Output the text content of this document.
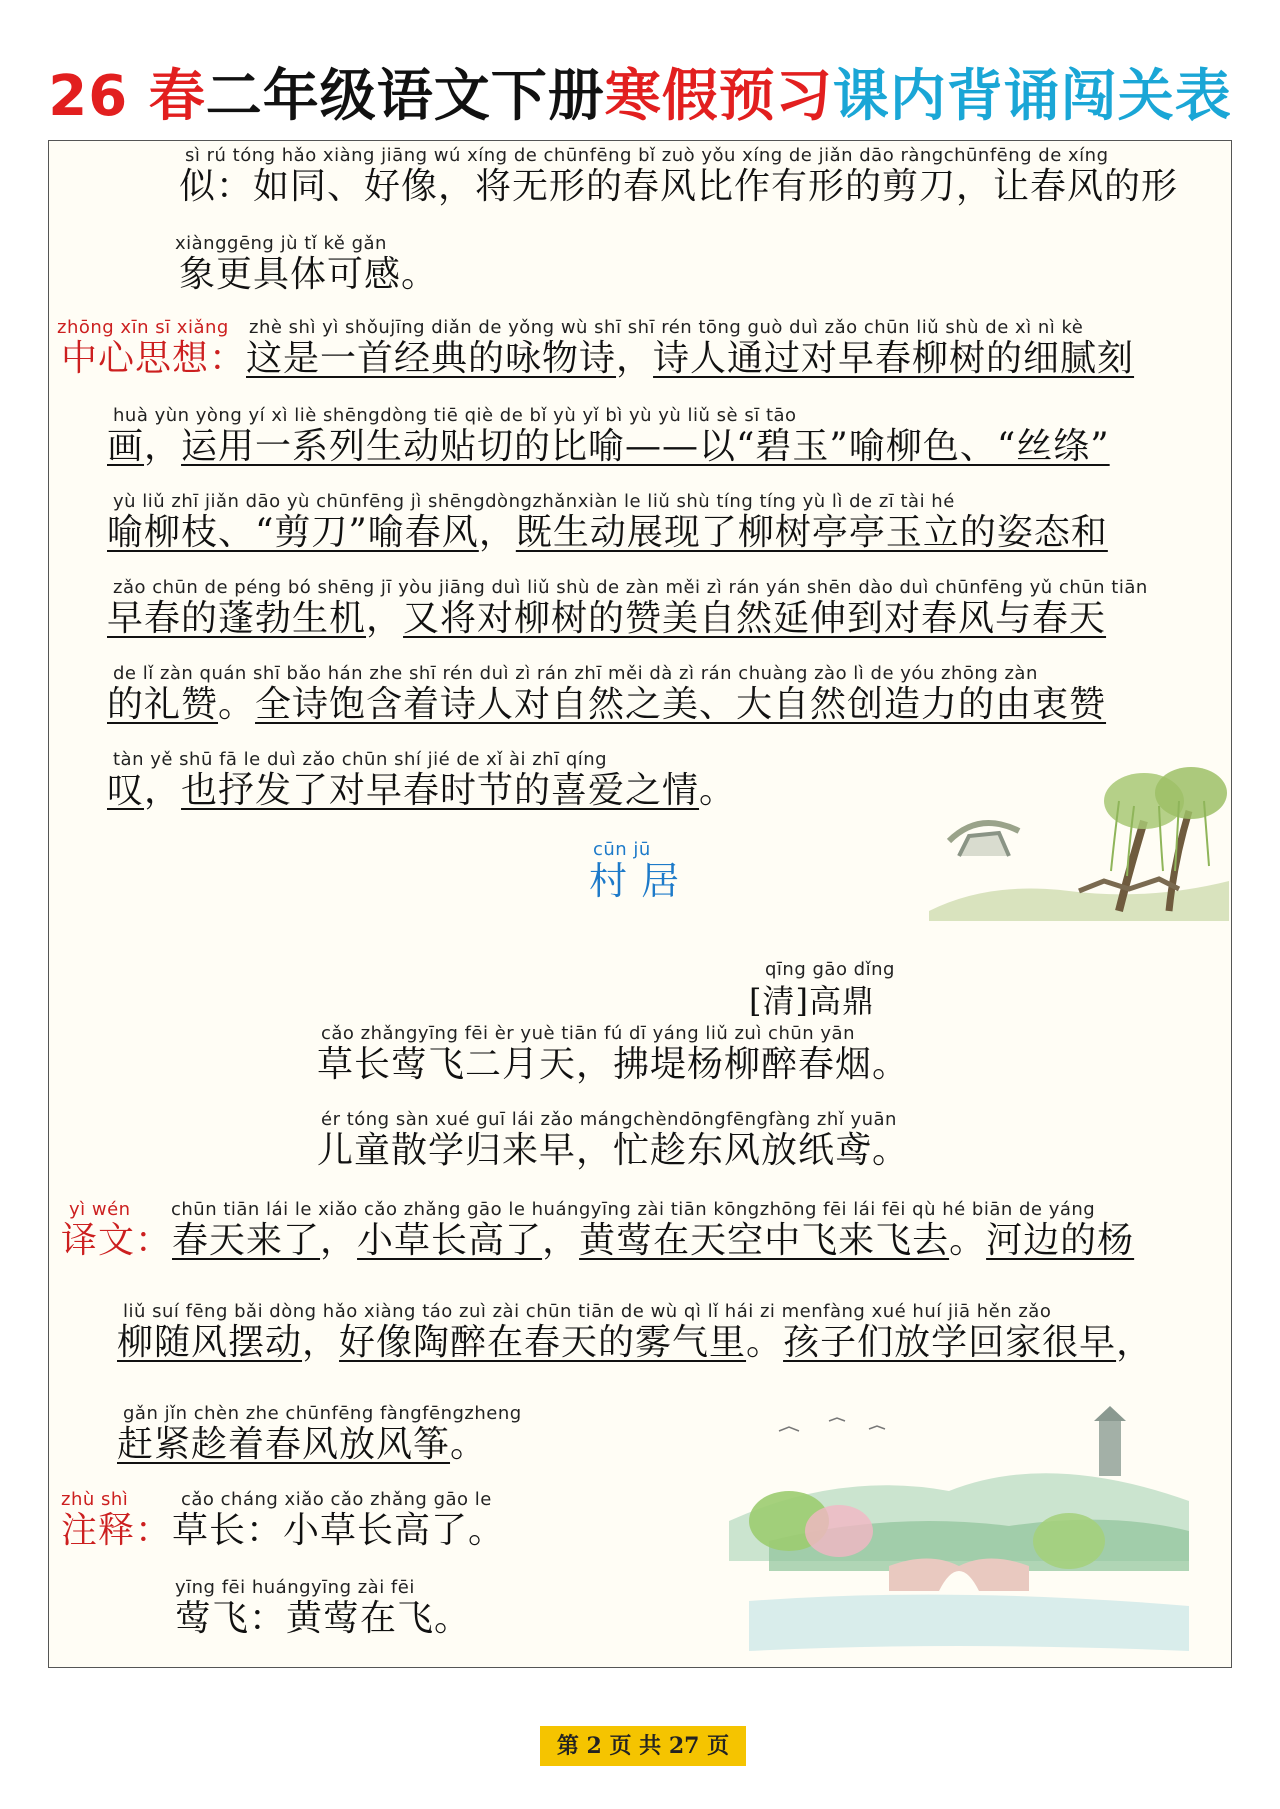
26 春二年级语文下册寒假预习课内背诵闯关表
sì rú tóng hǎo xiàng jiāng wú xíng de chūnfēng bǐ zuò yǒu xíng de jiǎn dāo ràngchūnfēng de xíng
似：如同、好像，将无形的春风比作有形的剪刀，让春风的形
xiànggēng jù tǐ kě gǎn
象更具体可感。
zhōng xīn sī xiǎng
中心思想：这是一首经典的咏物诗，诗人通过对早春柳树的细腻刻
zhè shì yì shǒujīng diǎn de yǒng wù shī shī rén tōng guò duì zǎo chūn liǔ shù de xì nì kè
huà yùn yòng yí xì liè shēngdòng tiē qiè de bǐ yù yǐ bì yù yù liǔ sè sī tāo
画，运用一系列生动贴切的比喻——以“碧玉”喻柳色、“丝绦”
yù liǔ zhī jiǎn dāo yù chūnfēng jì shēngdòngzhǎnxiàn le liǔ shù tíng tíng yù lì de zī tài hé
喻柳枝、“剪刀”喻春风，既生动展现了柳树亭亭玉立的姿态和
zǎo chūn de péng bó shēng jī yòu jiāng duì liǔ shù de zàn měi zì rán yán shēn dào duì chūnfēng yǔ chūn tiān
早春的蓬勃生机，又将对柳树的赞美自然延伸到对春风与春天
de lǐ zàn quán shī bǎo hán zhe shī rén duì zì rán zhī měi dà zì rán chuàng zào lì de yóu zhōng zàn
的礼赞。全诗饱含着诗人对自然之美、大自然创造力的由衷赞
tàn yě shū fā le duì zǎo chūn shí jié de xǐ ài zhī qíng
叹，也抒发了对早春时节的喜爱之情。
cūn jū
村 居
qīng gāo dǐng
[清]高鼎
cǎo zhǎngyīng fēi èr yuè tiān fú dī yáng liǔ zuì chūn yān
草长莺飞二月天，拂堤杨柳醉春烟。
ér tóng sàn xué guī lái zǎo mángchèndōngfēngfàng zhǐ yuān
儿童散学归来早，忙趁东风放纸鸢。
yì wén chūn tiān lái le xiǎo cǎo zhǎng gāo le huángyīng zài tiān kōngzhōng fēi lái fēi qù hé biān de yáng
译文：春天来了，小草长高了，黄莺在天空中飞来飞去。河边的杨
liǔ suí fēng bǎi dòng hǎo xiàng táo zuì zài chūn tiān de wù qì lǐ hái zi menfàng xué huí jiā hěn zǎo
柳随风摆动，好像陶醉在春天的雾气里。孩子们放学回家很早，
gǎn jǐn chèn zhe chūnfēng fàngfēngzheng
赶紧趁着春风放风筝。
zhù shì	cǎo cháng xiǎo cǎo zhǎng gāo le
注释：草长：小草长高了。
yīng fēi huángyīng zài fēi
莺飞：黄莺在飞。
第 2 页 共 27 页
